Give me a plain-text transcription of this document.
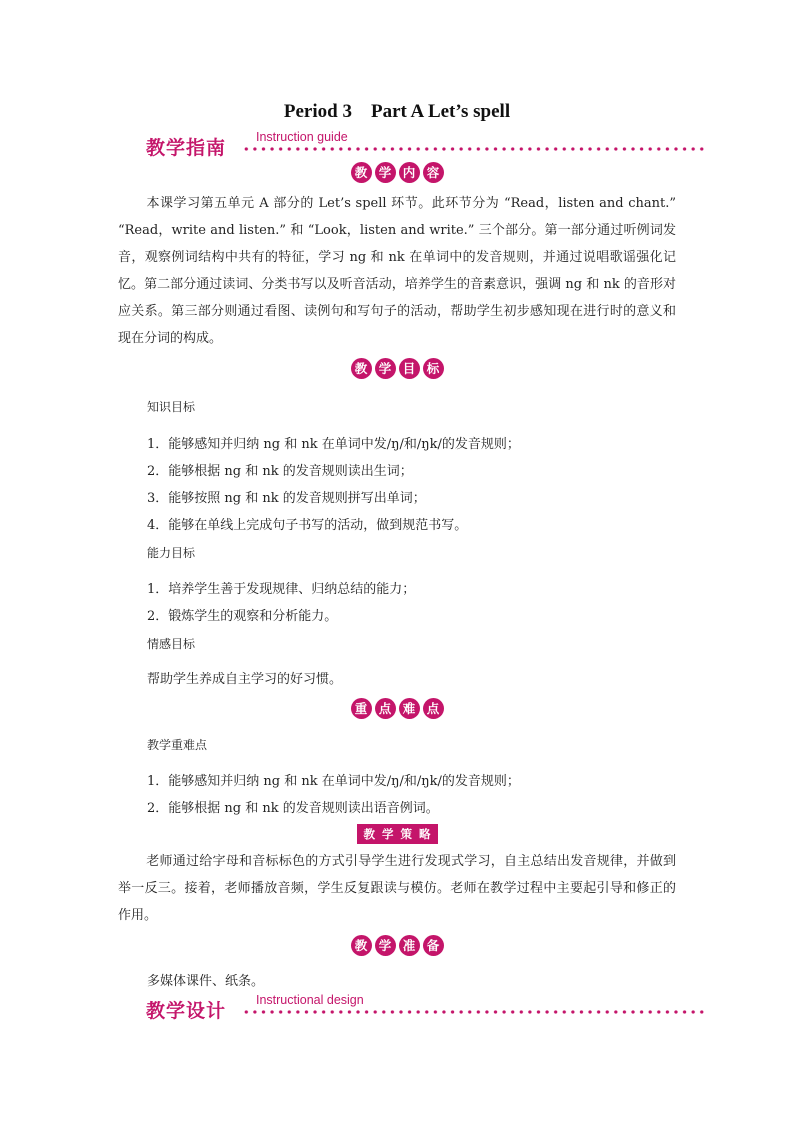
Period 3　Part A Let’s spell
教学指南 Instruction guide
教 学 内 容
本课学习第五单元 A 部分的 Let’s spell 环节。此环节分为 “Read，listen and chant.” “Read，write and listen.” 和 “Look，listen and write.” 三个部分。第一部分通过听例词发音，观察例词结构中共有的特征，学习 ng 和 nk 在单词中的发音规则，并通过说唱歌谣强化记忆。第二部分通过读词、分类书写以及听音活动，培养学生的音素意识，强调 ng 和 nk 的音形对应关系。第三部分则通过看图、读例句和写句子的活动，帮助学生初步感知现在进行时的意义和现在分词的构成。
教 学 目 标
知识目标
1．能够感知并归纳 ng 和 nk 在单词中发/ŋ/和/ŋk/的发音规则；
2．能够根据 ng 和 nk 的发音规则读出生词；
3．能够按照 ng 和 nk 的发音规则拼写出单词；
4．能够在单线上完成句子书写的活动，做到规范书写。
能力目标
1．培养学生善于发现规律、归纳总结的能力；
2．锻炼学生的观察和分析能力。
情感目标
帮助学生养成自主学习的好习惯。
重 点 难 点
教学重难点
1．能够感知并归纳 ng 和 nk 在单词中发/ŋ/和/ŋk/的发音规则；
2．能够根据 ng 和 nk 的发音规则读出语音例词。
教 学 策 略
老师通过给字母和音标标色的方式引导学生进行发现式学习，自主总结出发音规律，并做到举一反三。接着，老师播放音频，学生反复跟读与模仿。老师在教学过程中主要起引导和修正的作用。
教 学 准 备
多媒体课件、纸条。
教学设计 Instructional design
